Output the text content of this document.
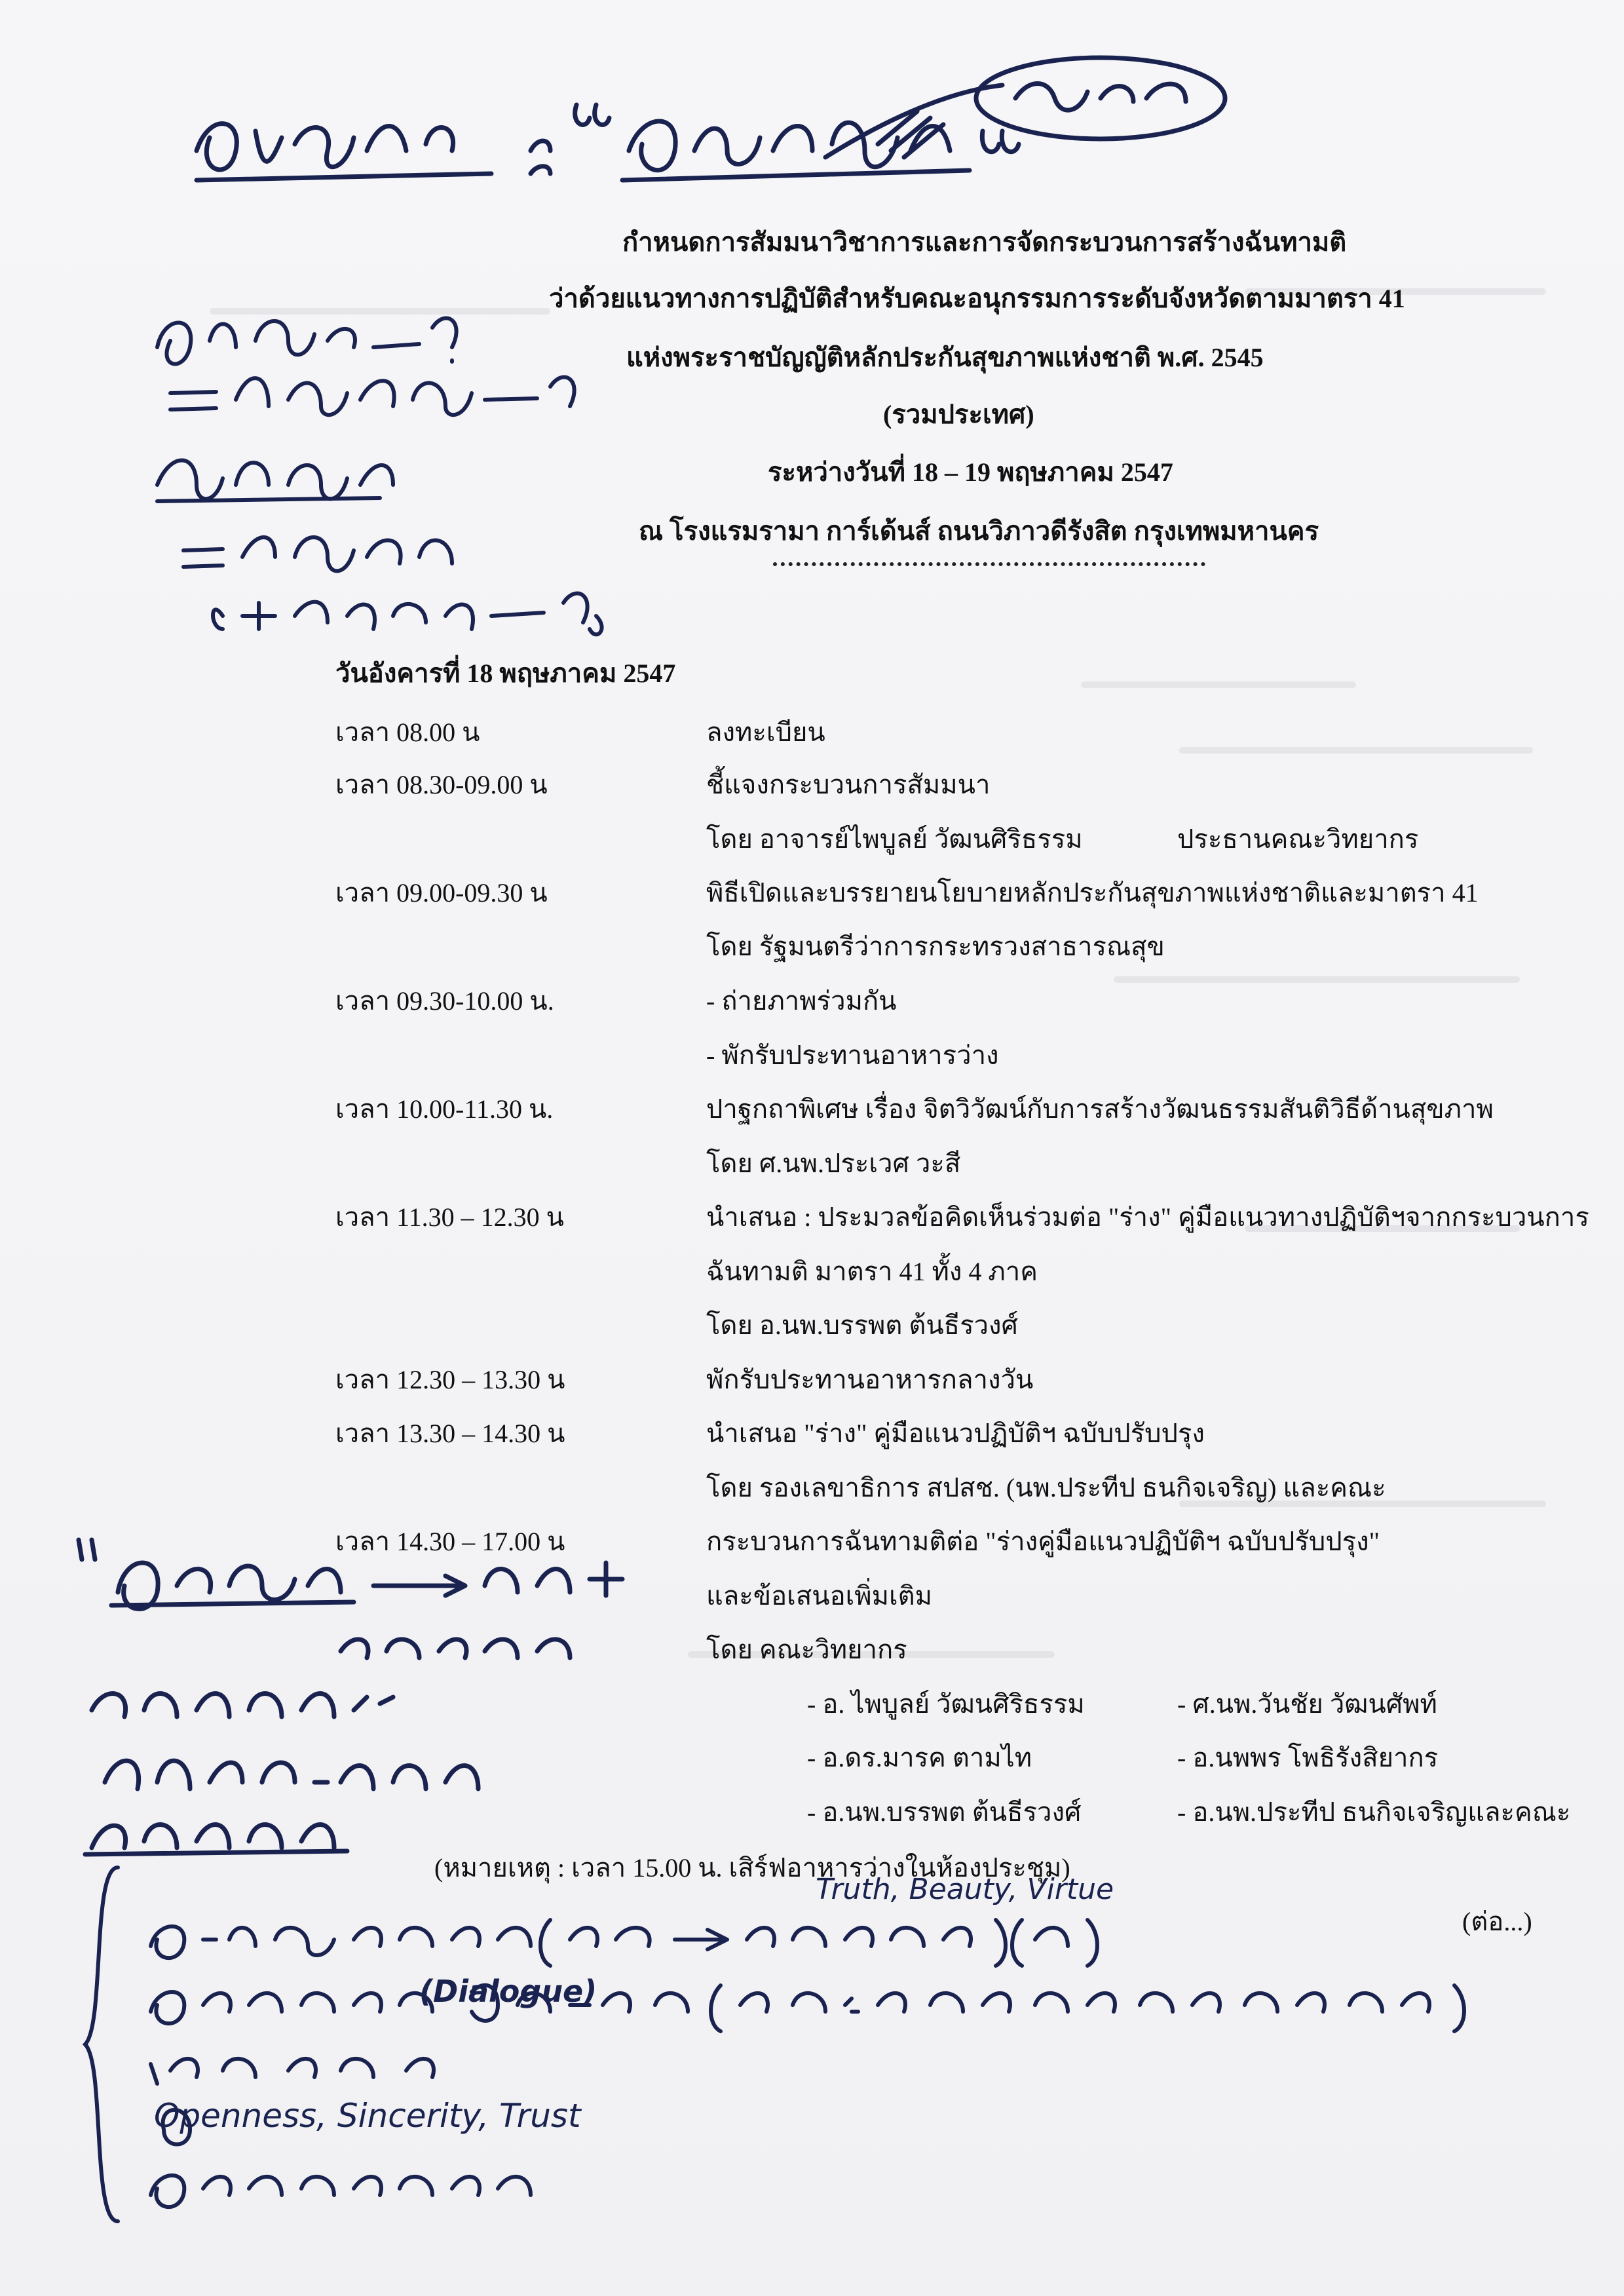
กำหนดการสัมมนาวิชาการและการจัดกระบวนการสร้างฉันทามติ
ว่าด้วยแนวทางการปฏิบัติสำหรับคณะอนุกรรมการระดับจังหวัดตามมาตรา 41
แห่งพระราชบัญญัติหลักประกันสุขภาพแห่งชาติ พ.ศ. 2545
(รวมประเทศ)
ระหว่างวันที่ 18 – 19 พฤษภาคม 2547
ณ โรงแรมรามา การ์เด้นส์ ถนนวิภาวดีรังสิต กรุงเทพมหานคร
วันอังคารที่ 18 พฤษภาคม 2547
เวลา 08.00 น	ลงทะเบียน
เวลา 08.30-09.00 น	ชี้แจงกระบวนการสัมมนา
โดย อาจารย์ไพบูลย์ วัฒนศิริธรรม	ประธานคณะวิทยากร
เวลา 09.00-09.30 น	พิธีเปิดและบรรยายนโยบายหลักประกันสุขภาพแห่งชาติและมาตรา 41
โดย รัฐมนตรีว่าการกระทรวงสาธารณสุข
เวลา 09.30-10.00 น.	- ถ่ายภาพร่วมกัน
- พักรับประทานอาหารว่าง
เวลา 10.00-11.30 น.	ปาฐกถาพิเศษ เรื่อง จิตวิวัฒน์กับการสร้างวัฒนธรรมสันติวิธีด้านสุขภาพ
โดย ศ.นพ.ประเวศ วะสี
เวลา 11.30 – 12.30 น	นำเสนอ : ประมวลข้อคิดเห็นร่วมต่อ "ร่าง" คู่มือแนวทางปฏิบัติฯจากกระบวนการ
ฉันทามติ มาตรา 41 ทั้ง 4 ภาค
โดย อ.นพ.บรรพต ต้นธีรวงศ์
เวลา 12.30 – 13.30 น	พักรับประทานอาหารกลางวัน
เวลา 13.30 – 14.30 น	นำเสนอ "ร่าง" คู่มือแนวปฏิบัติฯ ฉบับปรับปรุง
โดย รองเลขาธิการ สปสช. (นพ.ประทีป ธนกิจเจริญ) และคณะ
เวลา 14.30 – 17.00 น	กระบวนการฉันทามติต่อ "ร่างคู่มือแนวปฏิบัติฯ ฉบับปรับปรุง"
และข้อเสนอเพิ่มเติม
โดย คณะวิทยากร
- อ. ไพบูลย์ วัฒนศิริธรรม	- ศ.นพ.วันชัย วัฒนศัพท์
- อ.ดร.มารค ตามไท	- อ.นพพร โพธิรังสิยากร
- อ.นพ.บรรพต ต้นธีรวงศ์	- อ.นพ.ประทีป ธนกิจเจริญและคณะ
(หมายเหตุ : เวลา 15.00 น. เสิร์ฟอาหารว่างในห้องประชุม)
(ต่อ...)
Truth, Beauty, Virtue
(Dialogue)
Openness, Sincerity, Trust
